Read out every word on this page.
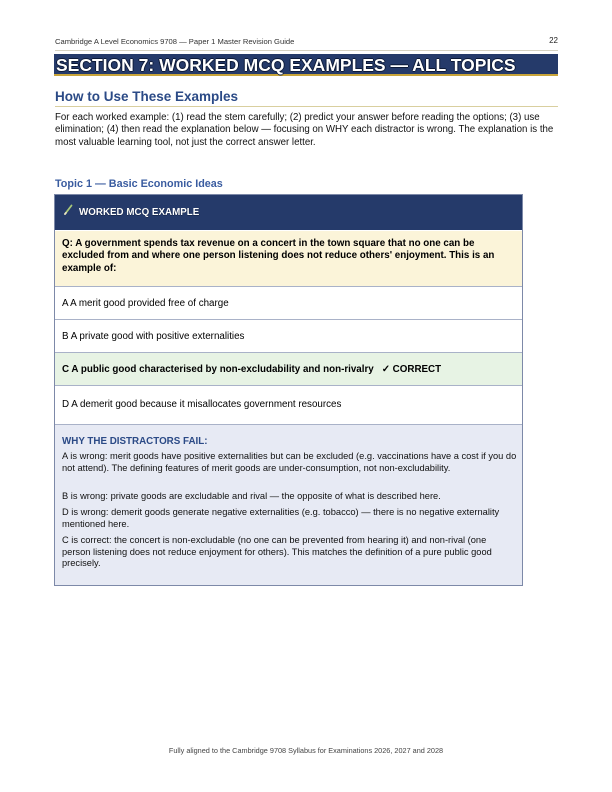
Cambridge A Level Economics 9708 — Paper 1 Master Revision Guide	22
SECTION 7: WORKED MCQ EXAMPLES — ALL TOPICS
How to Use These Examples
For each worked example: (1) read the stem carefully; (2) predict your answer before reading the options; (3) use elimination; (4) then read the explanation below — focusing on WHY each distractor is wrong. The explanation is the most valuable learning tool, not just the correct answer letter.
Topic 1 — Basic Economic Ideas
WORKED MCQ EXAMPLE
Q: A government spends tax revenue on a concert in the town square that no one can be excluded from and where one person listening does not reduce others' enjoyment. This is an example of:
A A merit good provided free of charge
B A private good with positive externalities
C A public good characterised by non-excludability and non-rivalry ✓ CORRECT
D A demerit good because it misallocates government resources
WHY THE DISTRACTORS FAIL:
A is wrong: merit goods have positive externalities but can be excluded (e.g. vaccinations have a cost if you do not attend). The defining features of merit goods are under-consumption, not non-excludability.
B is wrong: private goods are excludable and rival — the opposite of what is described here.
D is wrong: demerit goods generate negative externalities (e.g. tobacco) — there is no negative externality mentioned here.
C is correct: the concert is non-excludable (no one can be prevented from hearing it) and non-rival (one person listening does not reduce enjoyment for others). This matches the definition of a pure public good precisely.
Fully aligned to the Cambridge 9708 Syllabus for Examinations 2026, 2027 and 2028
